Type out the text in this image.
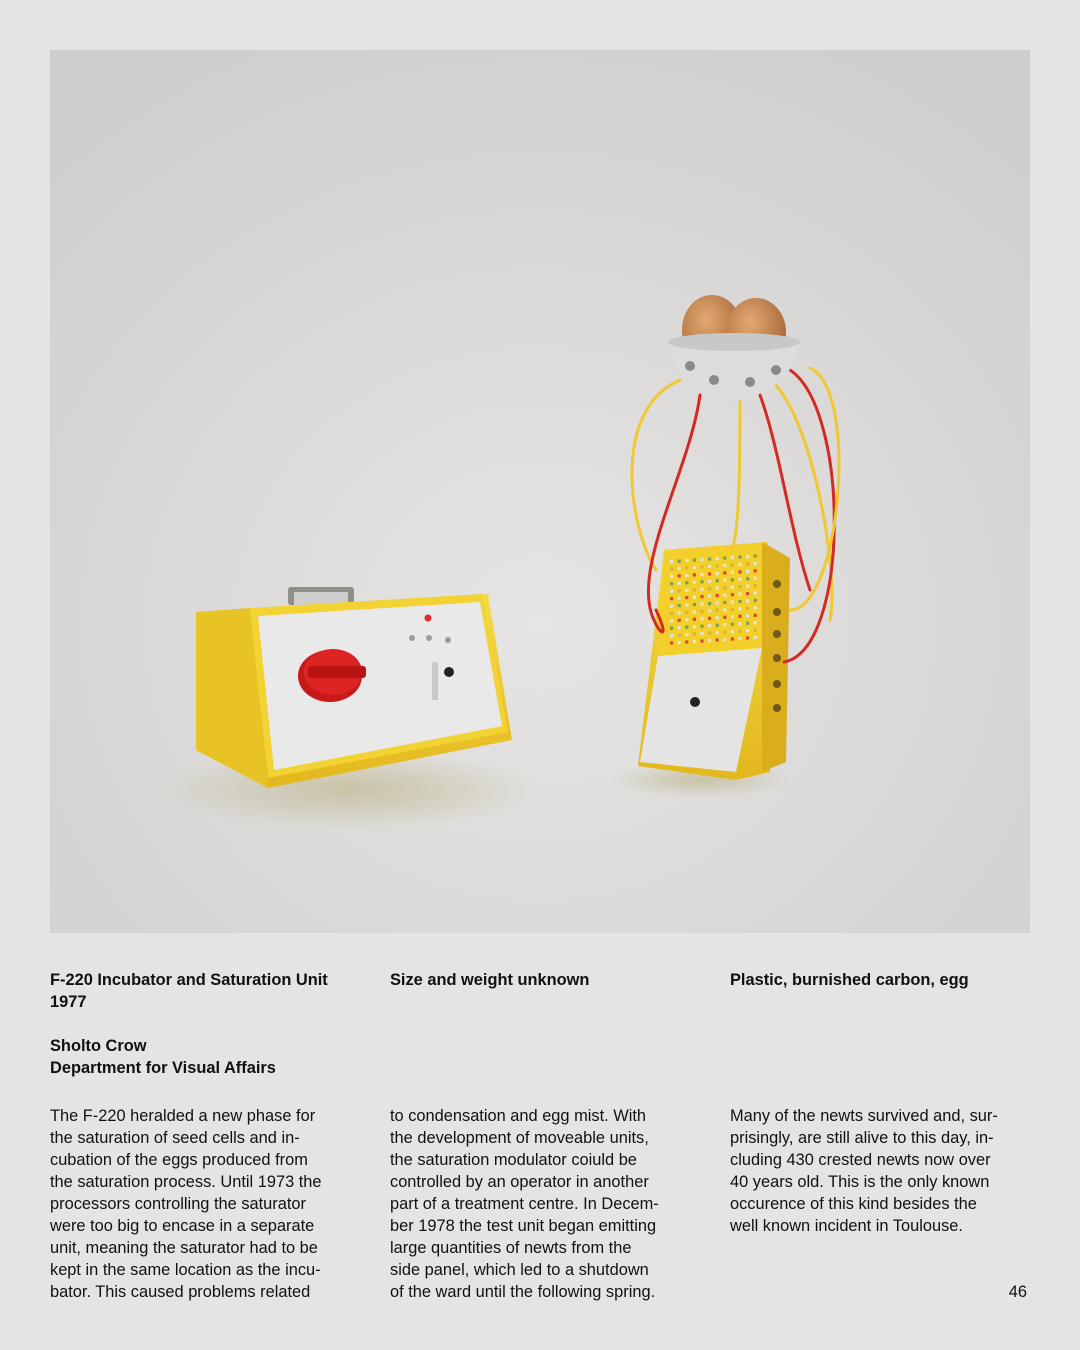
F-220 Incubator and Saturation Unit
1977
Size and weight unknown	Plastic, burnished carbon, egg
Sholto Crow
Department for Visual Affairs
The F-220 heralded a new phase for
the saturation of seed cells and in-
cubation of the eggs produced from
the saturation process. Until 1973 the
processors controlling the saturator
were too big to encase in a separate
unit, meaning the saturator had to be
kept in the same location as the incu-
bator. This caused problems related
to condensation and egg mist. With
the development of moveable units,
the saturation modulator coiuld be
controlled by an operator in another
part of a treatment centre. In Decem-
ber 1978 the test unit began emitting
large quantities of newts from the
side panel, which led to a shutdown
of the ward until the following spring.
Many of the newts survived and, sur-
prisingly, are still alive to this day, in-
cluding 430 crested newts now over
40 years old. This is the only known
occurence of this kind besides the
well known incident in Toulouse.
46
